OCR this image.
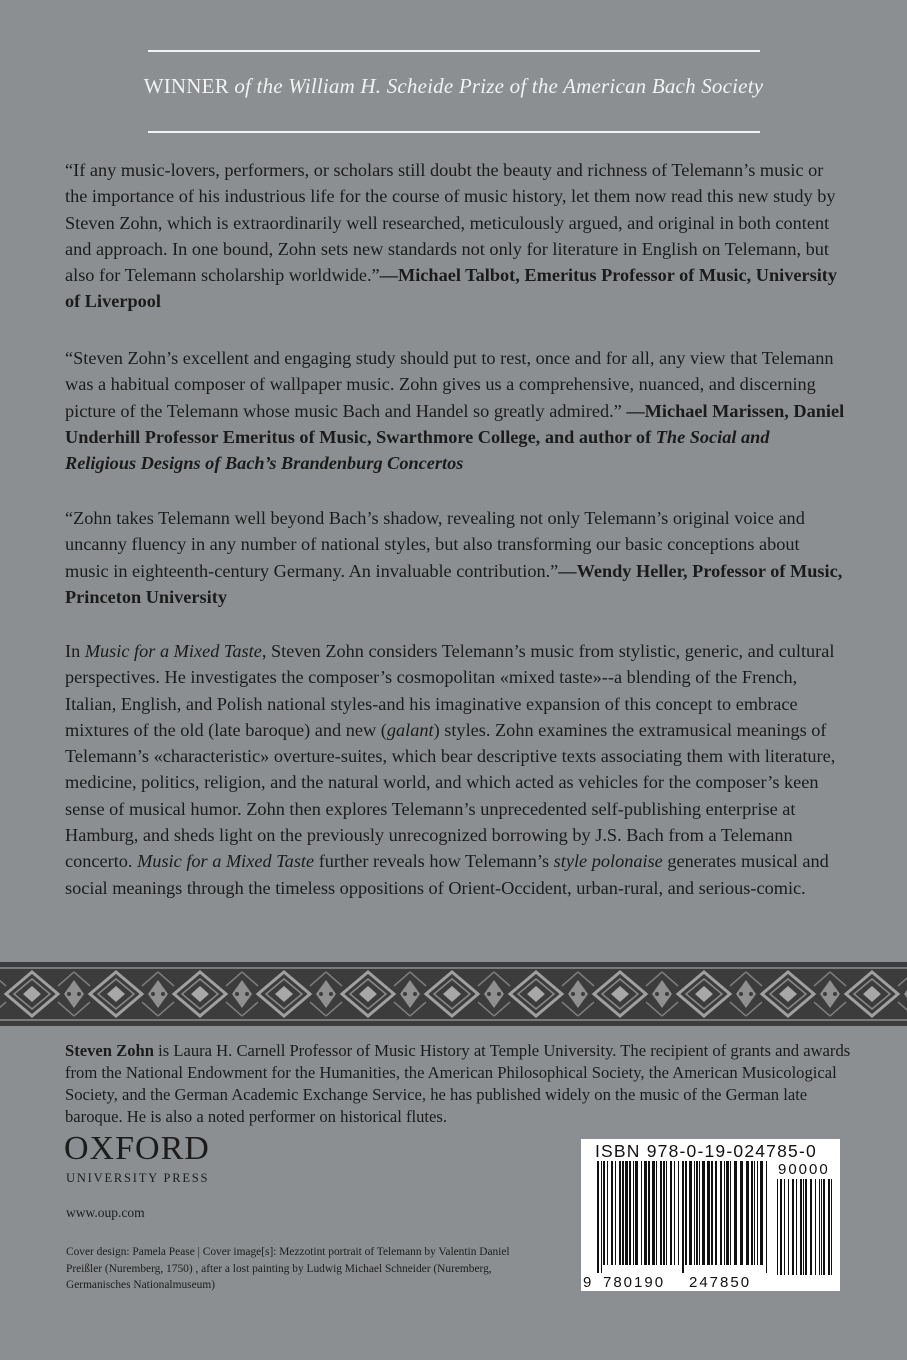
WINNER of the William H. Scheide Prize of the American Bach Society
“If any music-lovers, performers, or scholars still doubt the beauty and richness of Telemann’s music or the importance of his industrious life for the course of music history, let them now read this new study by Steven Zohn, which is extraordinarily well researched, meticulously argued, and original in both content and approach. In one bound, Zohn sets new standards not only for literature in English on Telemann, but also for Telemann scholarship worldwide.”—Michael Talbot, Emeritus Professor of Music, University of Liverpool
“Steven Zohn’s excellent and engaging study should put to rest, once and for all, any view that Telemann was a habitual composer of wallpaper music. Zohn gives us a comprehensive, nuanced, and discerning picture of the Telemann whose music Bach and Handel so greatly admired.” —Michael Marissen, Daniel Underhill Professor Emeritus of Music, Swarthmore College, and author of The Social and Religious Designs of Bach’s Brandenburg Concertos
“Zohn takes Telemann well beyond Bach’s shadow, revealing not only Telemann’s original voice and uncanny fluency in any number of national styles, but also transforming our basic conceptions about music in eighteenth-century Germany. An invaluable contribution.”—Wendy Heller, Professor of Music, Princeton University
In Music for a Mixed Taste, Steven Zohn considers Telemann’s music from stylistic, generic, and cultural perspectives. He investigates the composer’s cosmopolitan «mixed taste»--a blending of the French, Italian, English, and Polish national styles-and his imaginative expansion of this concept to embrace mixtures of the old (late baroque) and new (galant) styles. Zohn examines the extramusical meanings of Telemann’s «characteristic» overture-suites, which bear descriptive texts associating them with literature, medicine, politics, religion, and the natural world, and which acted as vehicles for the composer’s keen sense of musical humor. Zohn then explores Telemann’s unprecedented self-publishing enterprise at Hamburg, and sheds light on the previously unrecognized borrowing by J.S. Bach from a Telemann concerto. Music for a Mixed Taste further reveals how Telemann’s style polonaise generates musical and social meanings through the timeless oppositions of Orient-Occident, urban-rural, and serious-comic.
Steven Zohn is Laura H. Carnell Professor of Music History at Temple University. The recipient of grants and awards from the National Endowment for the Humanities, the American Philosophical Society, the American Musicological Society, and the German Academic Exchange Service, he has published widely on the music of the German late baroque. He is also a noted performer on historical flutes.
OXFORD
UNIVERSITY PRESS
www.oup.com
Cover design: Pamela Pease | Cover image[s]: Mezzotint portrait of Telemann by Valentin Daniel Preißler (Nuremberg, 1750) , after a lost painting by Ludwig Michael Schneider (Nuremberg, Germanisches Nationalmuseum)
90000
9 780190 247850
ISBN 978-0-19-024785-0
